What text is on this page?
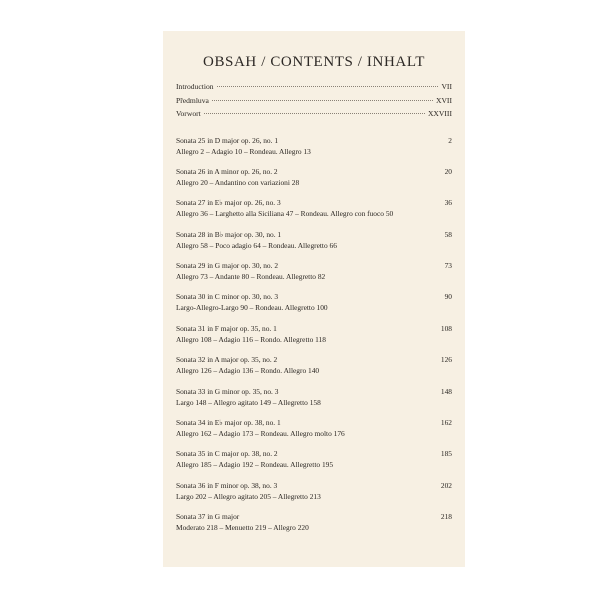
OBSAH / CONTENTS / INHALT
Introduction	VII
Předmluva	XVII
Vorwort	XXVIII
Sonata 25 in D major op. 26, no. 1	2
Allegro 2 – Adagio 10 – Rondeau. Allegro 13
Sonata 26 in A minor op. 26, no. 2	20
Allegro 20 – Andantino con variazioni 28
Sonata 27 in E♭ major op. 26, no. 3	36
Allegro 36 – Larghetto alla Siciliana 47 – Rondeau. Allegro con fuoco 50
Sonata 28 in B♭ major op. 30, no. 1	58
Allegro 58 – Poco adagio 64 – Rondeau. Allegretto 66
Sonata 29 in G major op. 30, no. 2	73
Allegro 73 – Andante 80 – Rondeau. Allegretto 82
Sonata 30 in C minor op. 30, no. 3	90
Largo-Allegro-Largo 90 – Rondeau. Allegretto 100
Sonata 31 in F major op. 35, no. 1	108
Allegro 108 – Adagio 116 – Rondo. Allegretto 118
Sonata 32 in A major op. 35, no. 2	126
Allegro 126 – Adagio 136 – Rondo. Allegro 140
Sonata 33 in G minor op. 35, no. 3	148
Largo 148 – Allegro agitato 149 – Allegretto 158
Sonata 34 in E♭ major op. 38, no. 1	162
Allegro 162 – Adagio 173 – Rondeau. Allegro molto 176
Sonata 35 in C major op. 38, no. 2	185
Allegro 185 – Adagio 192 – Rondeau. Allegretto 195
Sonata 36 in F minor op. 38, no. 3	202
Largo 202 – Allegro agitato 205 – Allegretto 213
Sonata 37 in G major	218
Moderato 218 – Menuetto 219 – Allegro 220
